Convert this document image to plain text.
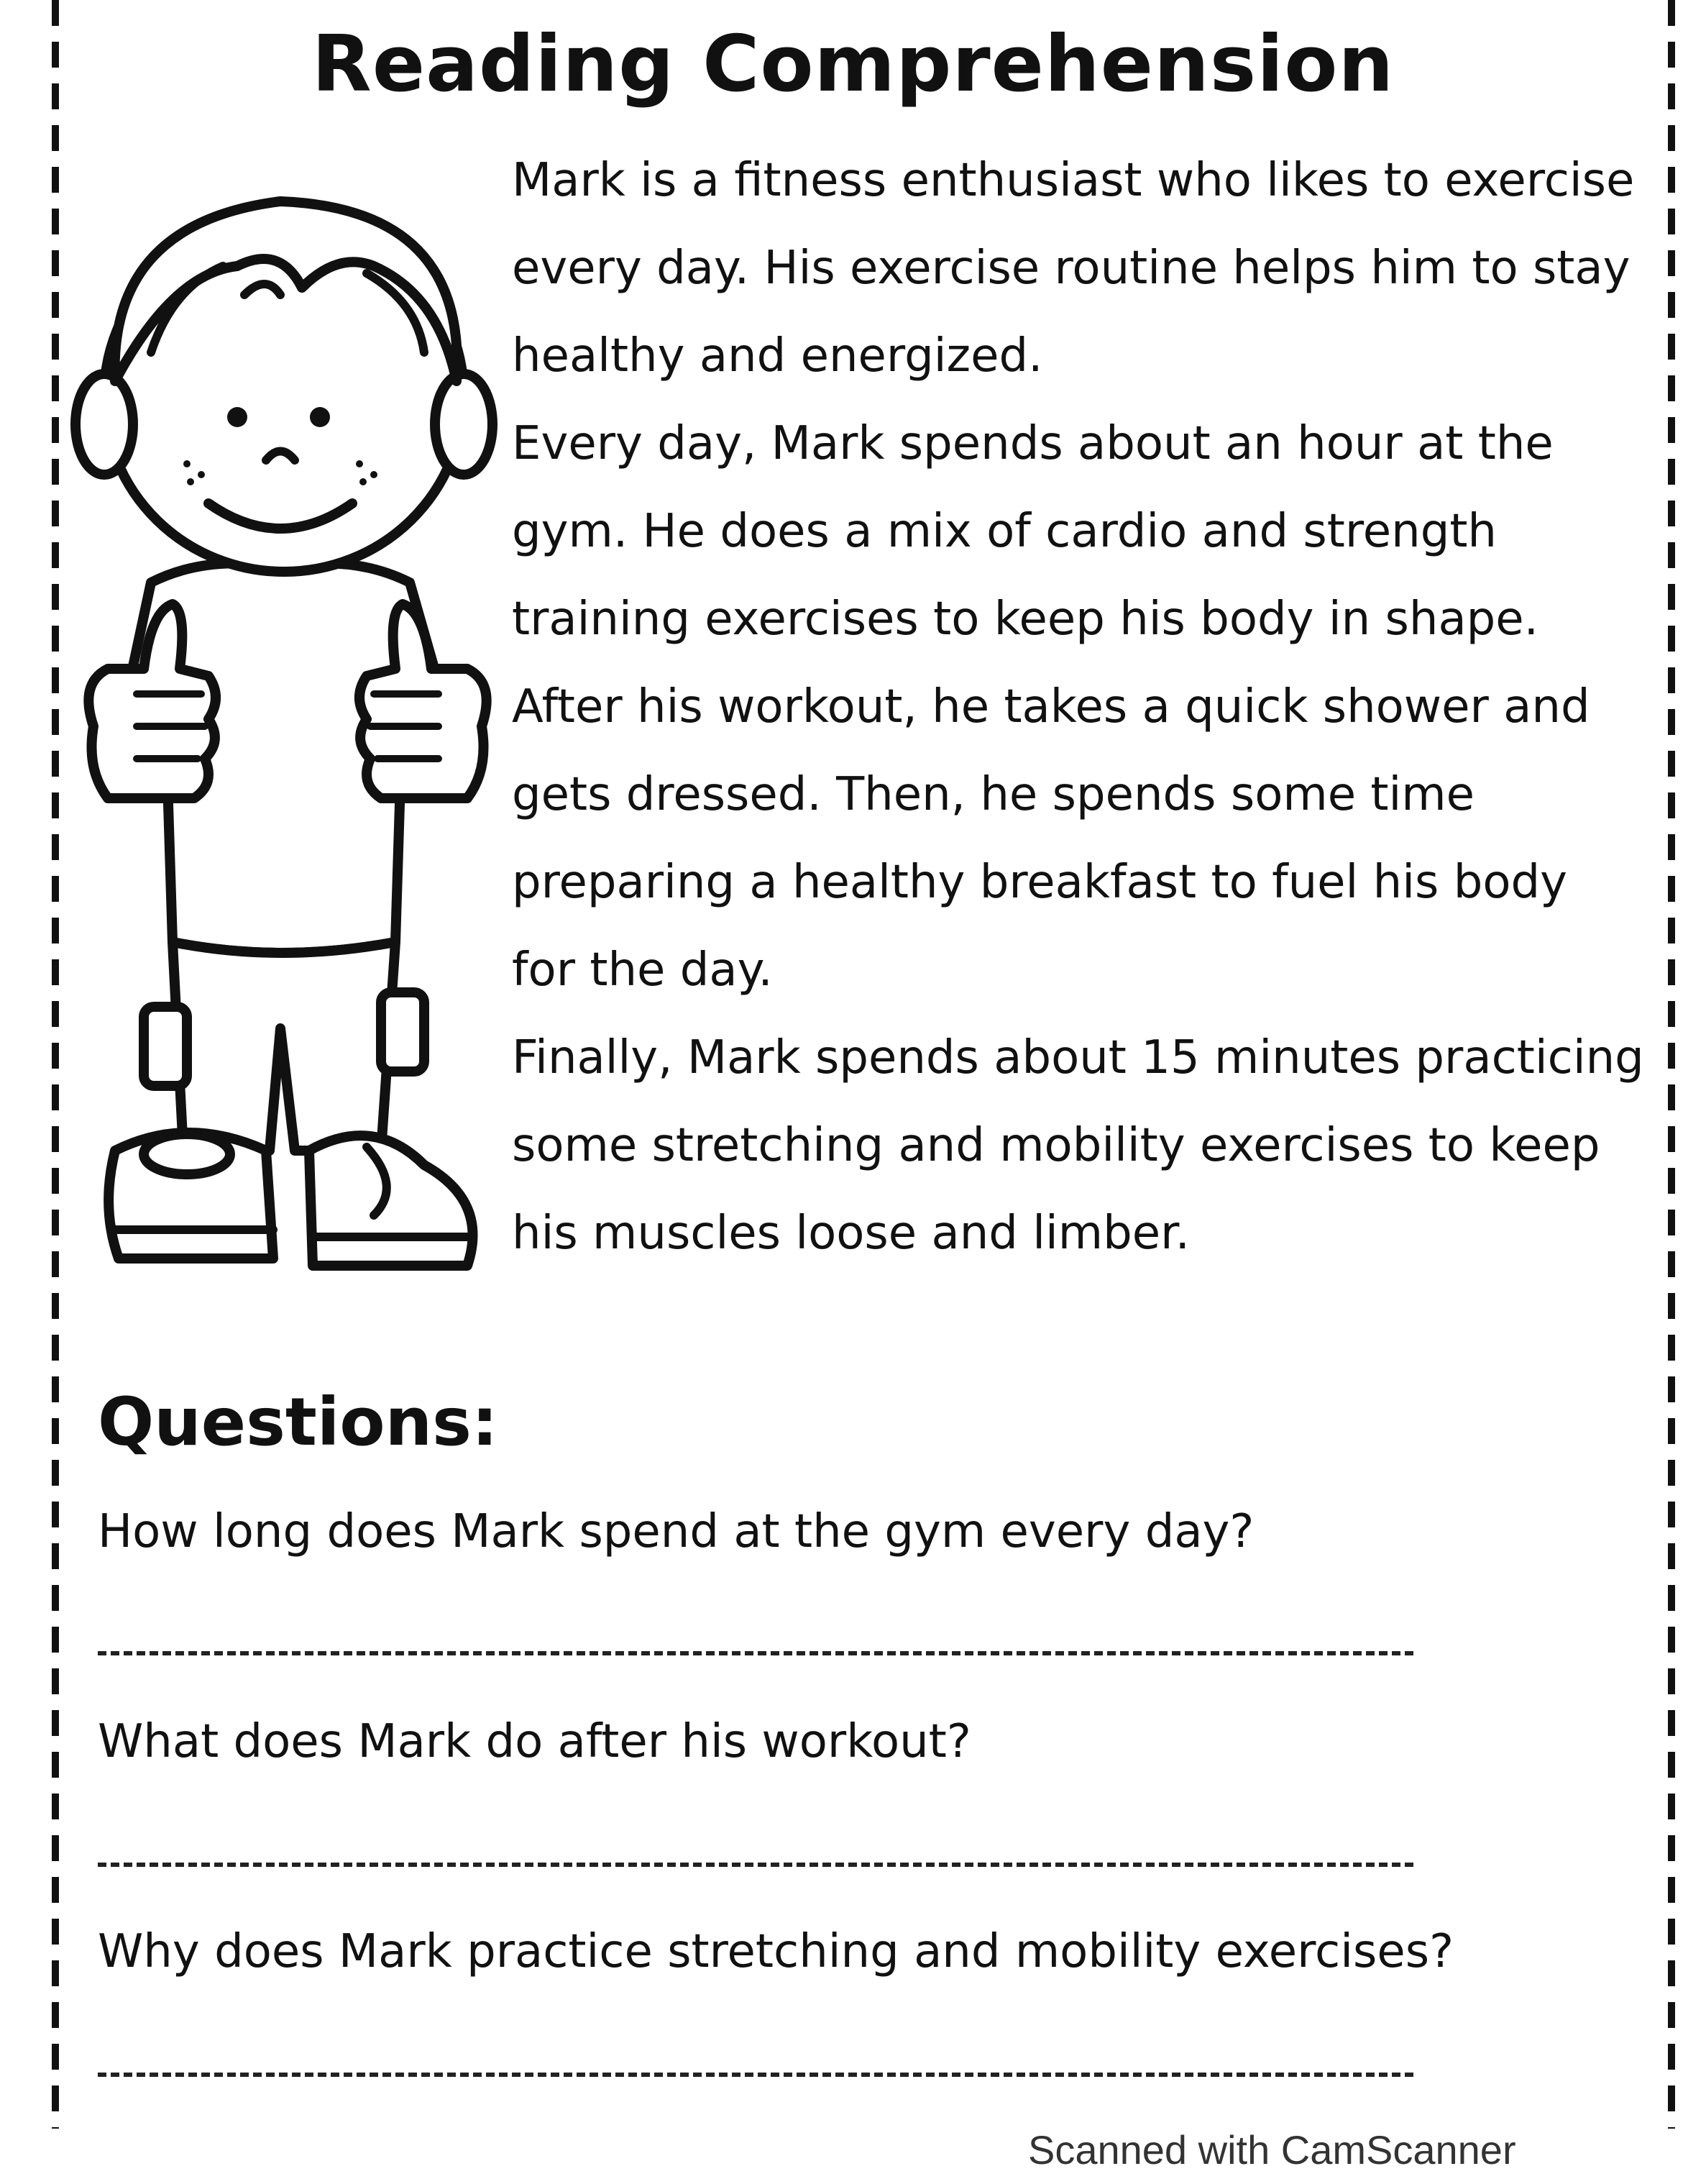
Reading Comprehension

Mark is a fitness enthusiast who likes to exercise
every day. His exercise routine helps him to stay
healthy and energized.
Every day, Mark spends about an hour at the
gym. He does a mix of cardio and strength
training exercises to keep his body in shape.
After his workout, he takes a quick shower and
gets dressed. Then, he spends some time
preparing a healthy breakfast to fuel his body
for the day.
Finally, Mark spends about 15 minutes practicing
some stretching and mobility exercises to keep
his muscles loose and limber.

Questions:

How long does Mark spend at the gym every day?

What does Mark do after his workout?

Why does Mark practice stretching and mobility exercises?

Scanned with CamScanner
